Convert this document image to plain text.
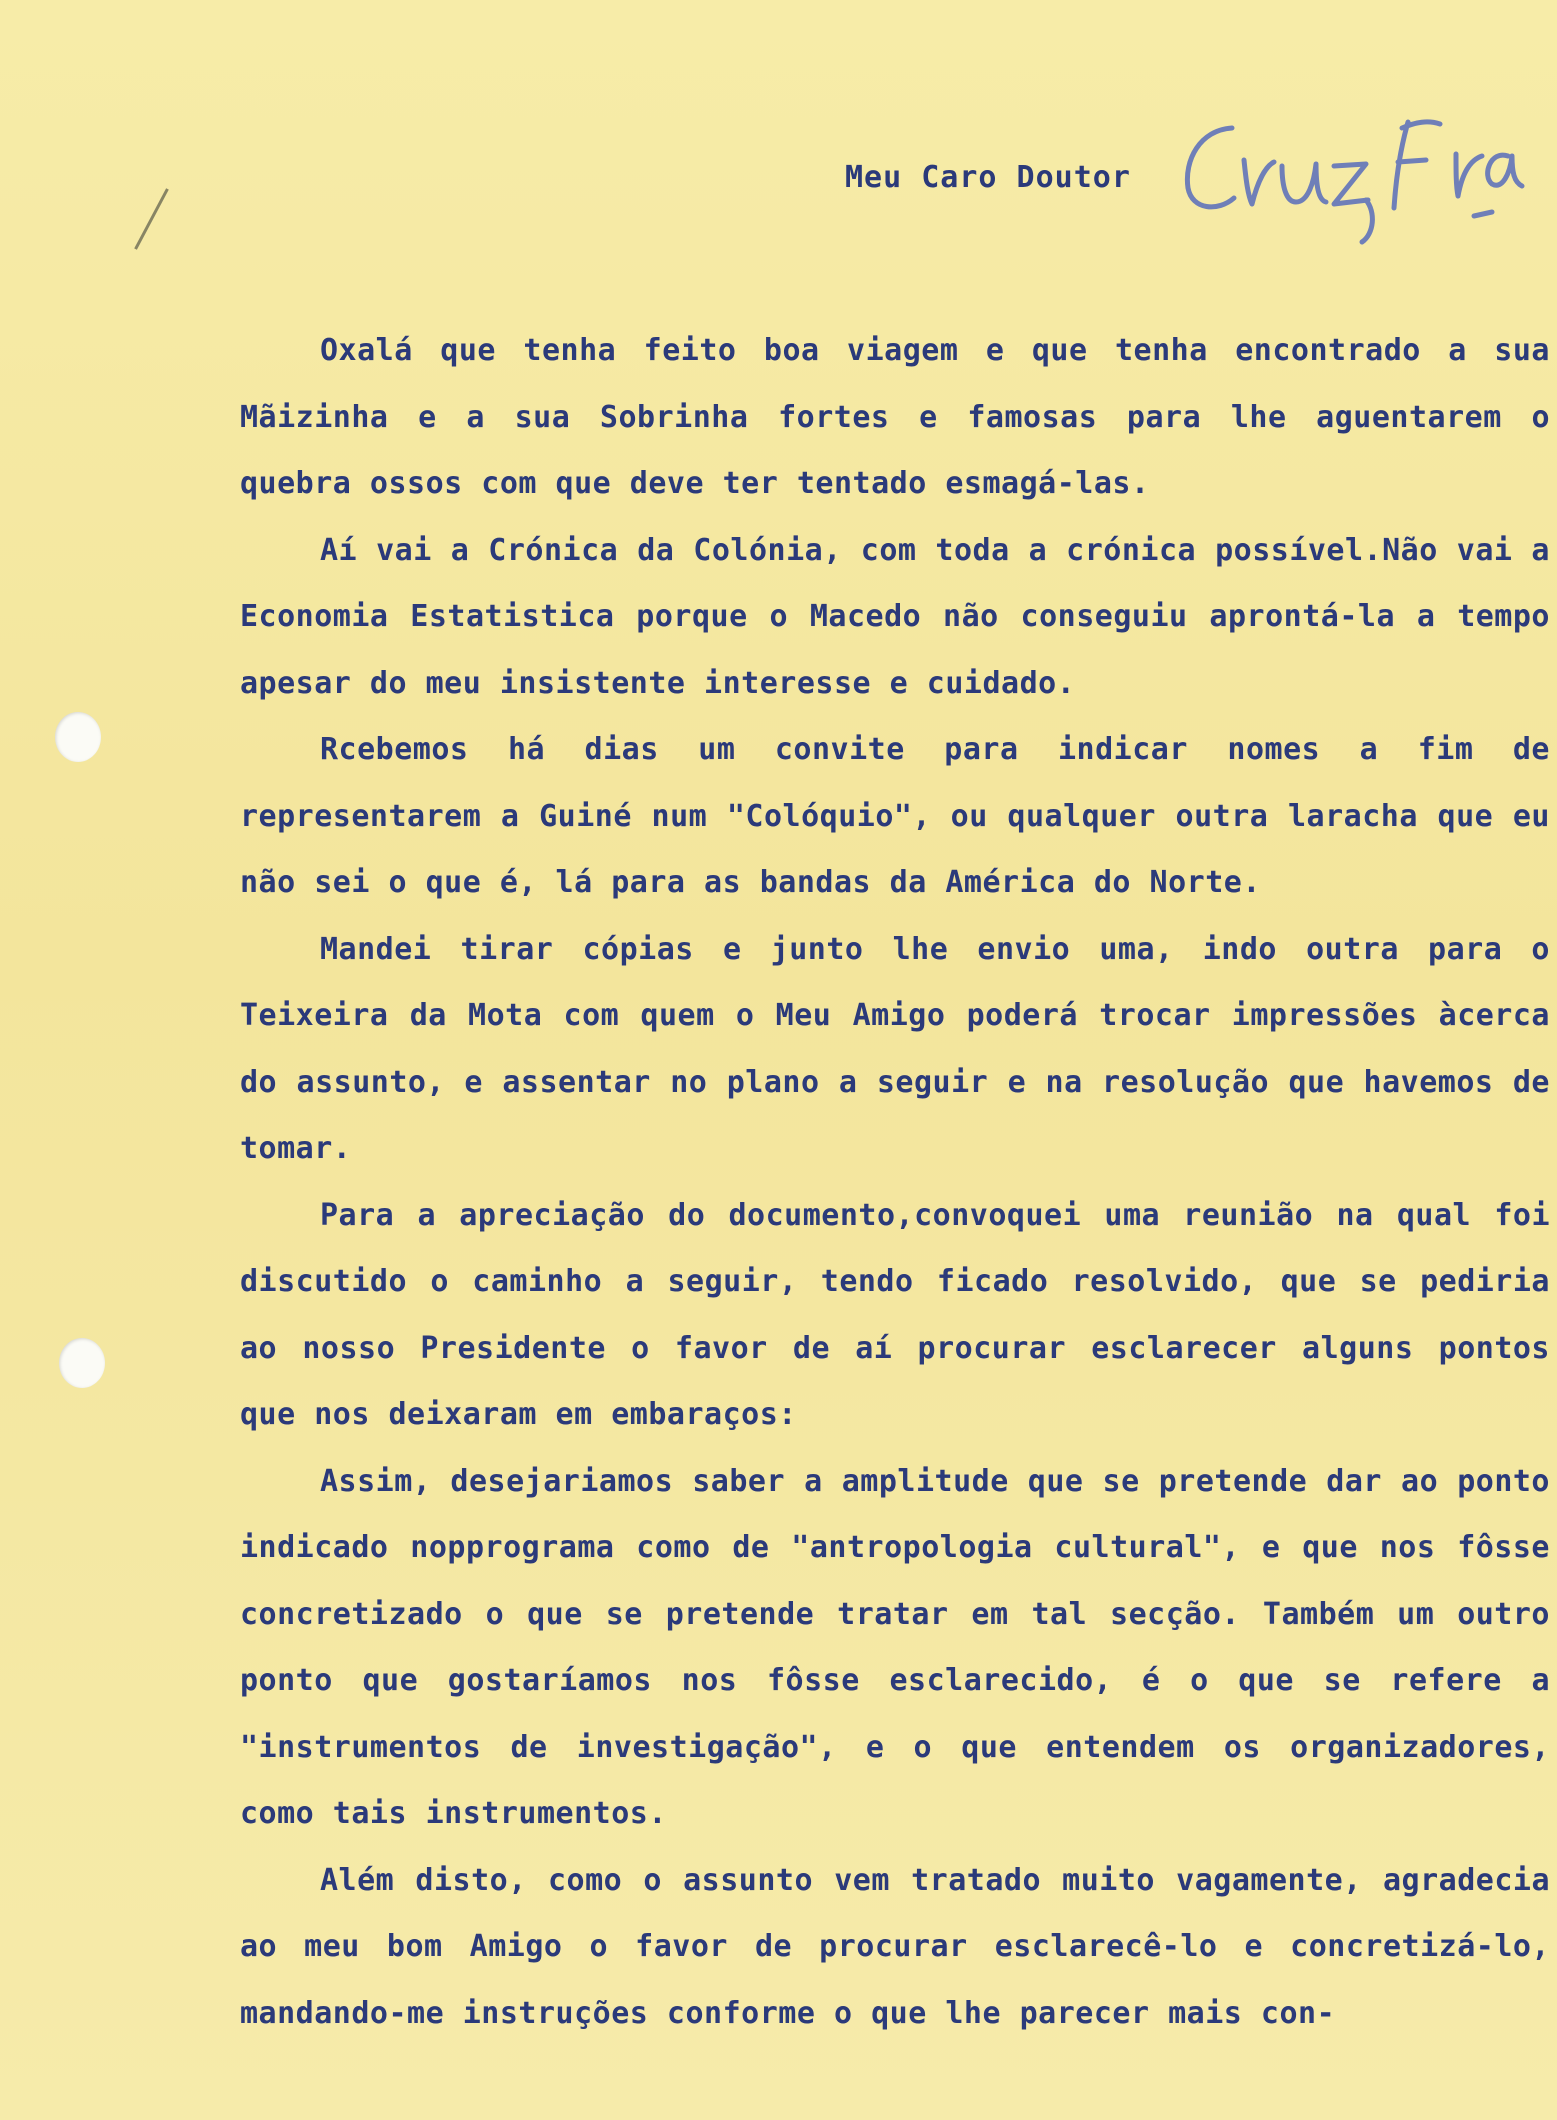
Meu Caro Doutor

Oxalá que tenha feito boa viagem e que tenha encontrado a sua Mãizinha e a sua Sobrinha fortes e famosas para lhe aguentarem o quebra ossos com que deve ter tentado esmagá-las.

Aí vai a Crónica da Colónia, com toda a crónica possível.Não vai a Economia Estatistica porque o Macedo não conseguiu aprontá-la a tempo apesar do meu insistente interesse e cuidado.

Rcebemos há dias um convite para indicar nomes a fim de representarem a Guiné num "Colóquio", ou qualquer outra laracha que eu não sei o que é, lá para as bandas da América do Norte.

Mandei tirar cópias e junto lhe envio uma, indo outra para o Teixeira da Mota com quem o Meu Amigo poderá trocar impressões àcerca do assunto, e assentar no plano a seguir e na resolução que havemos de tomar.

Para a apreciação do documento,convoquei uma reunião na qual foi discutido o caminho a seguir, tendo ficado resolvido, que se pediria ao nosso Presidente o favor de aí procurar esclarecer alguns pontos que nos deixaram em embaraços:

Assim, desejariamos saber a amplitude que se pretende dar ao ponto indicado nopprograma como de "antropologia cultural", e que nos fôsse concretizado o que se pretende tratar em tal secção. Também um outro ponto que gostaríamos nos fôsse esclarecido, é o que se refere a "instrumentos de investigação", e o que entendem os organizadores, como tais instrumentos.

Além disto, como o assunto vem tratado muito vagamente, agradecia ao meu bom Amigo o favor de procurar esclarecê-lo e concretizá-lo, mandando-me instruções conforme o que lhe parecer mais con-
